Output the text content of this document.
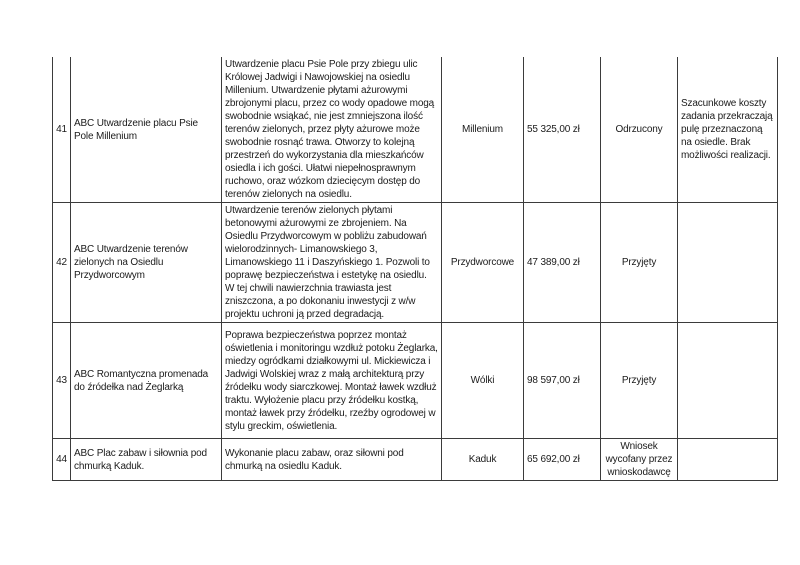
41	ABC Utwardzenie placu Psie Pole Millenium	Utwardzenie placu Psie Pole przy zbiegu ulic Królowej Jadwigi i Nawojowskiej na osiedlu Millenium. Utwardzenie płytami ażurowymi zbrojonymi placu, przez co wody opadowe mogą swobodnie wsiąkać, nie jest zmniejszona ilość terenów zielonych, przez płyty ażurowe może swobodnie rosnąć trawa. Otworzy to kolejną przestrzeń do wykorzystania dla mieszkańców osiedla i ich gości. Ułatwi niepełnosprawnym ruchowo, oraz wózkom dziecięcym dostęp do terenów zielonych na osiedlu.	Millenium	55 325,00 zł	Odrzucony	Szacunkowe koszty zadania przekraczają pulę przeznaczoną na osiedle. Brak możliwości realizacji.
42	ABC Utwardzenie terenów zielonych na Osiedlu Przydworcowym	Utwardzenie terenów zielonych płytami betonowymi ażurowymi ze zbrojeniem. Na Osiedlu Przydworcowym w pobliżu zabudowań wielorodzinnych- Limanowskiego 3, Limanowskiego 11 i Daszyńskiego 1. Pozwoli to poprawę bezpieczeństwa i estetykę na osiedlu. W tej chwili nawierzchnia trawiasta jest zniszczona, a po dokonaniu inwestycji z w/w projektu uchroni ją przed degradacją.	Przydworcowe	47 389,00 zł	Przyjęty	
43	ABC Romantyczna promenada do źródełka nad Żeglarką	Poprawa bezpieczeństwa poprzez montaż oświetlenia i monitoringu wzdłuż potoku Żeglarka, miedzy ogródkami działkowymi ul. Mickiewicza i Jadwigi Wolskiej wraz z małą architekturą przy źródełku wody siarczkowej. Montaż ławek wzdłuż traktu. Wyłożenie placu przy źródełku kostką, montaż ławek przy źródełku, rzeźby ogrodowej w stylu greckim, oświetlenia.	Wólki	98 597,00 zł	Przyjęty	
44	ABC Plac zabaw i siłownia pod chmurką Kaduk.	Wykonanie placu zabaw, oraz siłowni pod chmurką na osiedlu Kaduk.	Kaduk	65 692,00 zł	Wniosek wycofany przez wnioskodawcę	
